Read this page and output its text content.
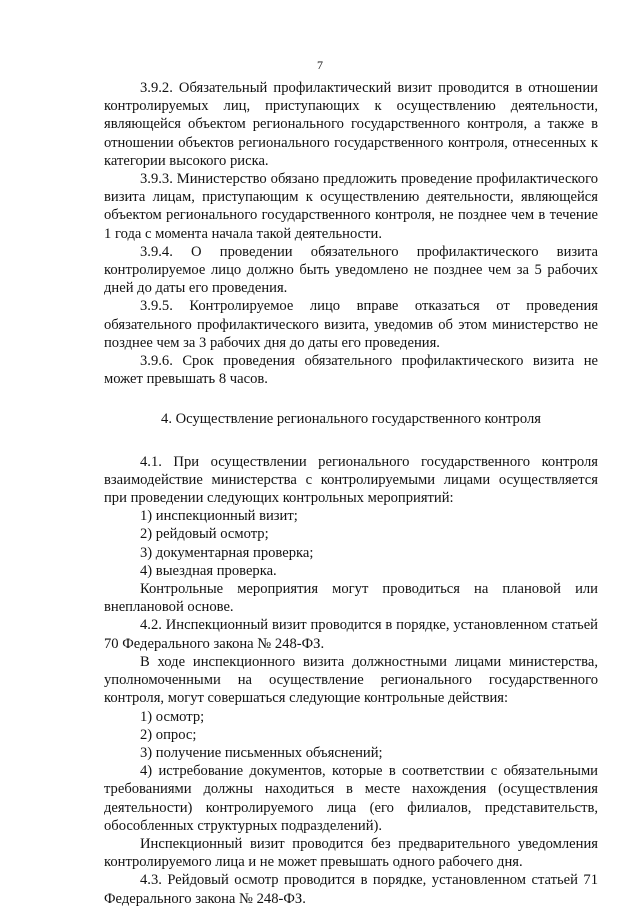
7

3.9.2. Обязательный профилактический визит проводится в отношении контролируемых лиц, приступающих к осуществлению деятельности, являющейся объектом регионального государственного контроля, а также в отношении объектов регионального государственного контроля, отнесенных к категории высокого риска.

3.9.3. Министерство обязано предложить проведение профилактического визита лицам, приступающим к осуществлению деятельности, являющейся объектом регионального государственного контроля, не позднее чем в течение 1 года с момента начала такой деятельности.

3.9.4. О проведении обязательного профилактического визита контролируемое лицо должно быть уведомлено не позднее чем за 5 рабочих дней до даты его проведения.

3.9.5. Контролируемое лицо вправе отказаться от проведения обязательного профилактического визита, уведомив об этом министерство не позднее чем за 3 рабочих дня до даты его проведения.

3.9.6. Срок проведения обязательного профилактического визита не может превышать 8 часов.

4. Осуществление регионального государственного контроля

4.1. При осуществлении регионального государственного контроля взаимодействие министерства с контролируемыми лицами осуществляется при проведении следующих контрольных мероприятий:

1) инспекционный визит;

2) рейдовый осмотр;

3) документарная проверка;

4) выездная проверка.

Контрольные мероприятия могут проводиться на плановой или внеплановой основе.

4.2. Инспекционный визит проводится в порядке, установленном статьей 70 Федерального закона № 248-ФЗ.

В ходе инспекционного визита должностными лицами министерства, уполномоченными на осуществление регионального государственного контроля, могут совершаться следующие контрольные действия:

1) осмотр;

2) опрос;

3) получение письменных объяснений;

4) истребование документов, которые в соответствии с обязательными требованиями должны находиться в месте нахождения (осуществления деятельности) контролируемого лица (его филиалов, представительств, обособленных структурных подразделений).

Инспекционный визит проводится без предварительного уведомления контролируемого лица и не может превышать одного рабочего дня.

4.3. Рейдовый осмотр проводится в порядке, установленном статьей 71 Федерального закона № 248-ФЗ.
